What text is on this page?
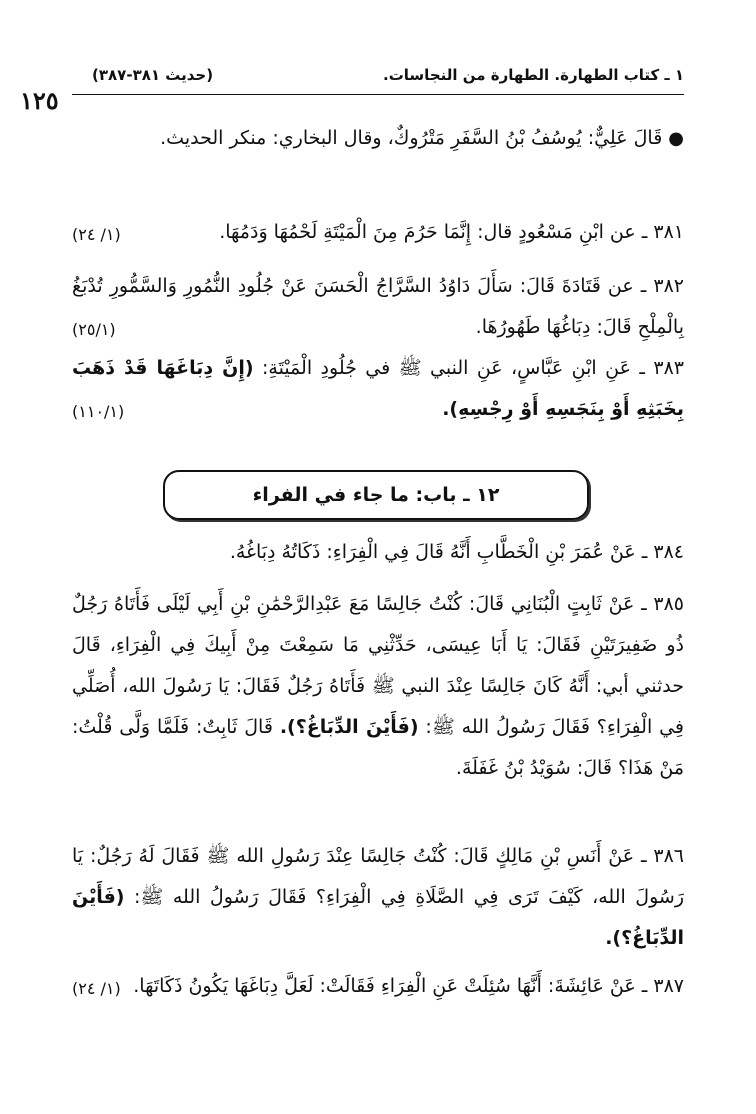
١ ـ كتاب الطهارة. الطهارة من النجاسات.
(حديث ٣٨١-٣٨٧)
١٢٥
●قَالَ عَلِيٌّ: يُوسُفُ بْنُ السَّفَرِ مَتْرُوكٌ، وقال البخاري: منكر الحديث.
٣٨١ ـ عن ابْنِ مَسْعُودٍ قال: إِنَّمَا حَرُمَ مِنَ الْمَيْتَةِ لَحْمُهَا وَدَمُهَا.
(١/ ٢٤)
٣٨٢ ـ عن قَتَادَةَ قَالَ: سَأَلَ دَاوُدُ السَّرَّاجُ الْحَسَنَ عَنْ جُلُودِ النُّمُورِ وَالسَّمُّورِ تُدْبَغُ بِالْمِلْحِ قَالَ: دِبَاغُهَا طَهُورُهَا.
(٢٥/١)
٣٨٣ ـ عَنِ ابْنِ عَبَّاسٍ، عَنِ النبي ﷺ في جُلُودِ الْمَيْتَةِ: (إِنَّ دِبَاغَهَا قَدْ ذَهَبَ بِخَبَثِهِ أَوْ بِنَجَسِهِ أَوْ رِجْسِهِ).
(١١٠/١)
١٢ ـ باب: ما جاء في الفراء
٣٨٤ ـ عَنْ عُمَرَ بْنِ الْخَطَّابِ أَنَّهُ قَالَ فِي الْفِرَاءِ: ذَكَاتُهُ دِبَاغُهُ.
٣٨٥ ـ عَنْ ثَابِتٍ الْبُنَانِي قَالَ: كُنْتُ جَالِسًا مَعَ عَبْدِالرَّحْمَٰنِ بْنِ أَبِي لَيْلَى فَأَتَاهُ رَجُلٌ ذُو ضَفِيرَتَيْنِ فَقَالَ: يَا أَبَا عِيسَى، حَدِّثْنِي مَا سَمِعْتَ مِنْ أَبِيكَ فِي الْفِرَاءِ، قَالَ حدثني أبي: أَنَّهُ كَانَ جَالِسًا عِنْدَ النبي ﷺ فَأَتَاهُ رَجُلٌ فَقَالَ: يَا رَسُولَ الله، أُصَلِّي فِي الْفِرَاءِ؟ فَقَالَ رَسُولُ الله ﷺ: (فَأَيْنَ الدِّبَاغُ؟). قَالَ ثَابِتٌ: فَلَمَّا وَلَّى قُلْتُ: مَنْ هَذَا؟ قَالَ: سُوَيْدُ بْنُ غَفَلَةَ.
٣٨٦ ـ عَنْ أَنَسِ بْنِ مَالِكٍ قَالَ: كُنْتُ جَالِسًا عِنْدَ رَسُولِ الله ﷺ فَقَالَ لَهُ رَجُلٌ: يَا رَسُولَ الله، كَيْفَ تَرَى فِي الصَّلَاةِ فِي الْفِرَاءِ؟ فَقَالَ رَسُولُ الله ﷺ: (فَأَيْنَ الدِّبَاغُ؟).
٣٨٧ ـ عَنْ عَائِشَةَ: أَنَّهَا سُئِلَتْ عَنِ الْفِرَاءِ فَقَالَتْ: لَعَلَّ دِبَاغَهَا يَكُونُ ذَكَاتَهَا.
(١/ ٢٤)
